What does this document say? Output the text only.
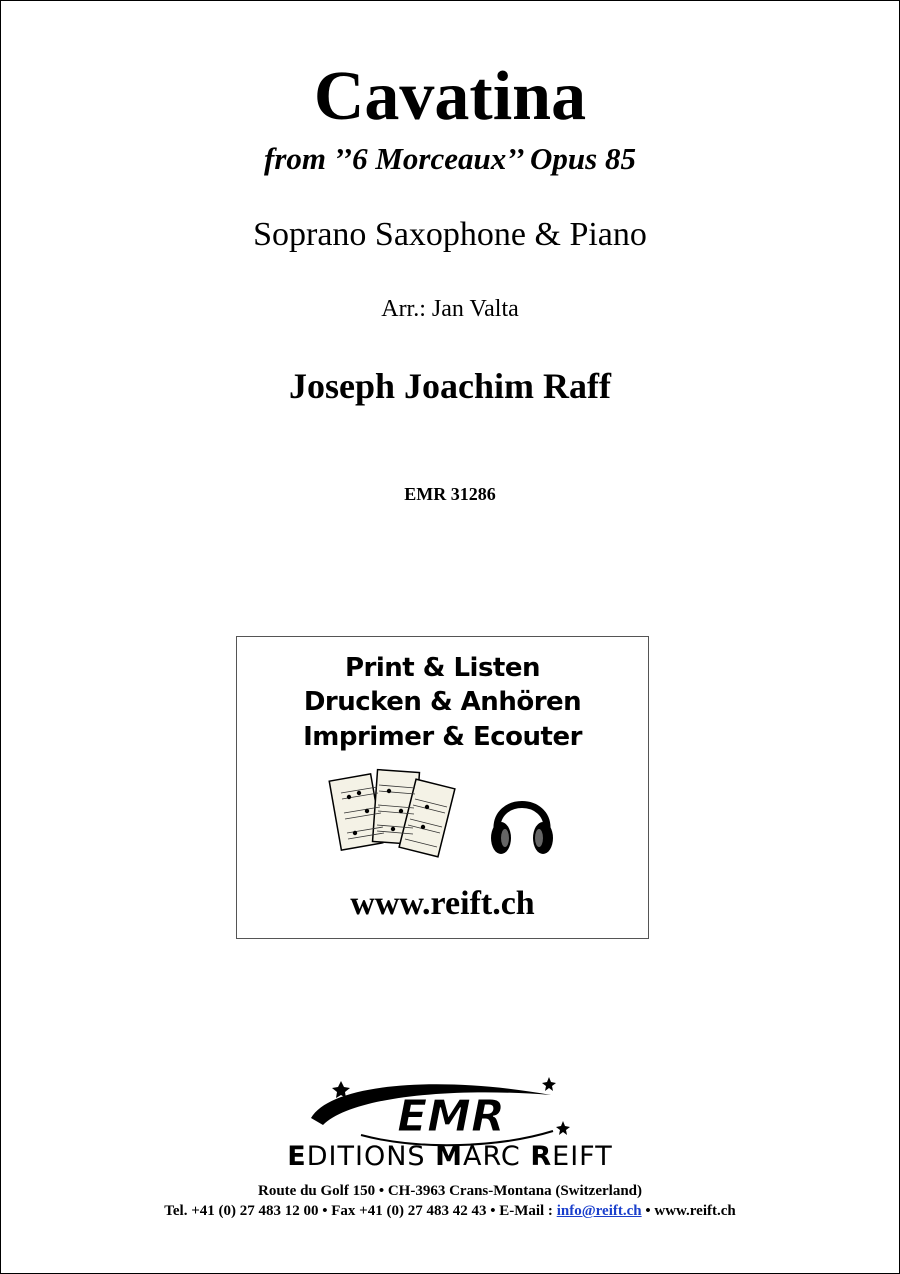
Cavatina
from ’’6 Morceaux’’ Opus 85
Soprano Saxophone & Piano
Arr.: Jan Valta
Joseph Joachim Raff
EMR 31286
Print & Listen
Drucken & Anhören
Imprimer & Ecouter
www.reift.ch
EMR
EDITIONS MARC REIFT
Route du Golf 150 • CH-3963 Crans-Montana (Switzerland)
Tel. +41 (0) 27 483 12 00 • Fax +41 (0) 27 483 42 43 • E-Mail : info@reift.ch • www.reift.ch
